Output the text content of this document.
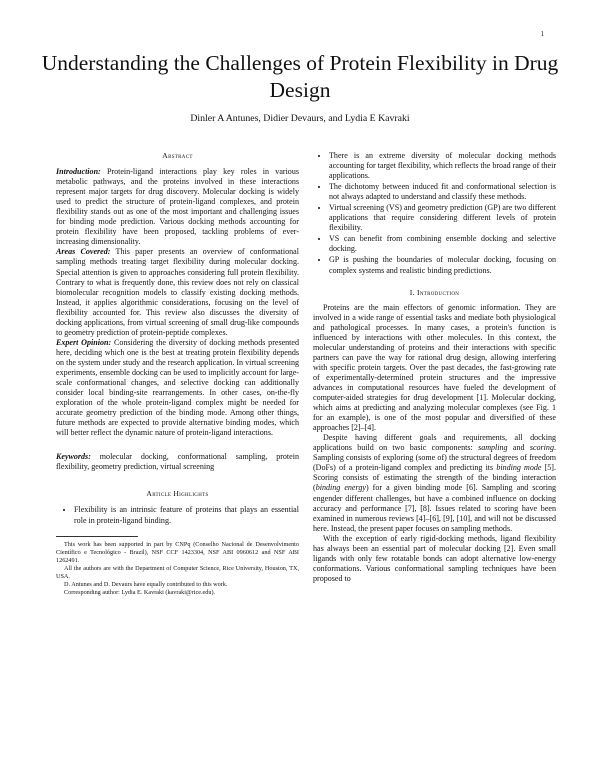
1
Understanding the Challenges of Protein Flexibility in Drug Design
Dinler A Antunes, Didier Devaurs, and Lydia E Kavraki
Abstract

Introduction: Protein-ligand interactions play key roles in various metabolic pathways, and the proteins involved in these interactions represent major targets for drug discovery. Molecular docking is widely used to predict the structure of protein-ligand complexes, and protein flexibility stands out as one of the most important and challenging issues for binding mode prediction. Various docking methods accounting for protein flexibility have been proposed, tackling problems of ever-increasing dimensionality.

Areas Covered: This paper presents an overview of conformational sampling methods treating target flexibility during molecular docking. Special attention is given to approaches considering full protein flexibility. Contrary to what is frequently done, this review does not rely on classical biomolecular recognition models to classify existing docking methods. Instead, it applies algorithmic considerations, focusing on the level of flexibility accounted for. This review also discusses the diversity of docking applications, from virtual screening of small drug-like compounds to geometry prediction of protein-peptide complexes.

Expert Opinion: Considering the diversity of docking methods presented here, deciding which one is the best at treating protein flexibility depends on the system under study and the research application. In virtual screening experiments, ensemble docking can be used to implicitly account for large-scale conformational changes, and selective docking can additionally consider local binding-site rearrangements. In other cases, on-the-fly exploration of the whole protein-ligand complex might be needed for accurate geometry prediction of the binding mode. Among other things, future methods are expected to provide alternative binding modes, which will better reflect the dynamic nature of protein-ligand interactions.

Keywords: molecular docking, conformational sampling, protein flexibility, geometry prediction, virtual screening

Article Highlights
• Flexibility is an intrinsic feature of proteins that plays an essential role in protein-ligand binding.

This work has been supported in part by CNPq (Conselho Nacional de Desenvolvimento Científico e Tecnológico - Brazil), NSF CCF 1423304, NSF ABI 0960612 and NSF ABI 1262491.

All the authors are with the Department of Computer Science, Rice University, Houston, TX, USA.

D. Antunes and D. Devaurs have equally contributed to this work.

Corresponding author: Lydia E. Kavraki (kavraki@rice.edu).

• There is an extreme diversity of molecular docking methods accounting for target flexibility, which reflects the broad range of their applications.
• The dichotomy between induced fit and conformational selection is not always adapted to understand and classify these methods.
• Virtual screening (VS) and geometry prediction (GP) are two different applications that require considering different levels of protein flexibility.
• VS can benefit from combining ensemble docking and selective docking.
• GP is pushing the boundaries of molecular docking, focusing on complex systems and realistic binding predictions.
I. Introduction

Proteins are the main effectors of genomic information. They are involved in a wide range of essential tasks and mediate both physiological and pathological processes. In many cases, a protein's function is influenced by interactions with other molecules. In this context, the molecular understanding of proteins and their interactions with specific partners can pave the way for rational drug design, allowing interfering with specific protein targets. Over the past decades, the fast-growing rate of experimentally-determined protein structures and the impressive advances in computational resources have fueled the development of computer-aided strategies for drug development [1]. Molecular docking, which aims at predicting and analyzing molecular complexes (see Fig. 1 for an example), is one of the most popular and diversified of these approaches [2]–[4].

Despite having different goals and requirements, all docking applications build on two basic components: sampling and scoring. Sampling consists of exploring (some of) the structural degrees of freedom (DoFs) of a protein-ligand complex and predicting its binding mode [5]. Scoring consists of estimating the strength of the binding interaction (binding energy) for a given binding mode [6]. Sampling and scoring engender different challenges, but have a combined influence on docking accuracy and performance [7], [8]. Issues related to scoring have been examined in numerous reviews [4]–[6], [9], [10], and will not be discussed here. Instead, the present paper focuses on sampling methods.

With the exception of early rigid-docking methods, ligand flexibility has always been an essential part of molecular docking [2]. Even small ligands with only few rotatable bonds can adopt alternative low-energy conformations. Various conformational sampling techniques have been proposed to
